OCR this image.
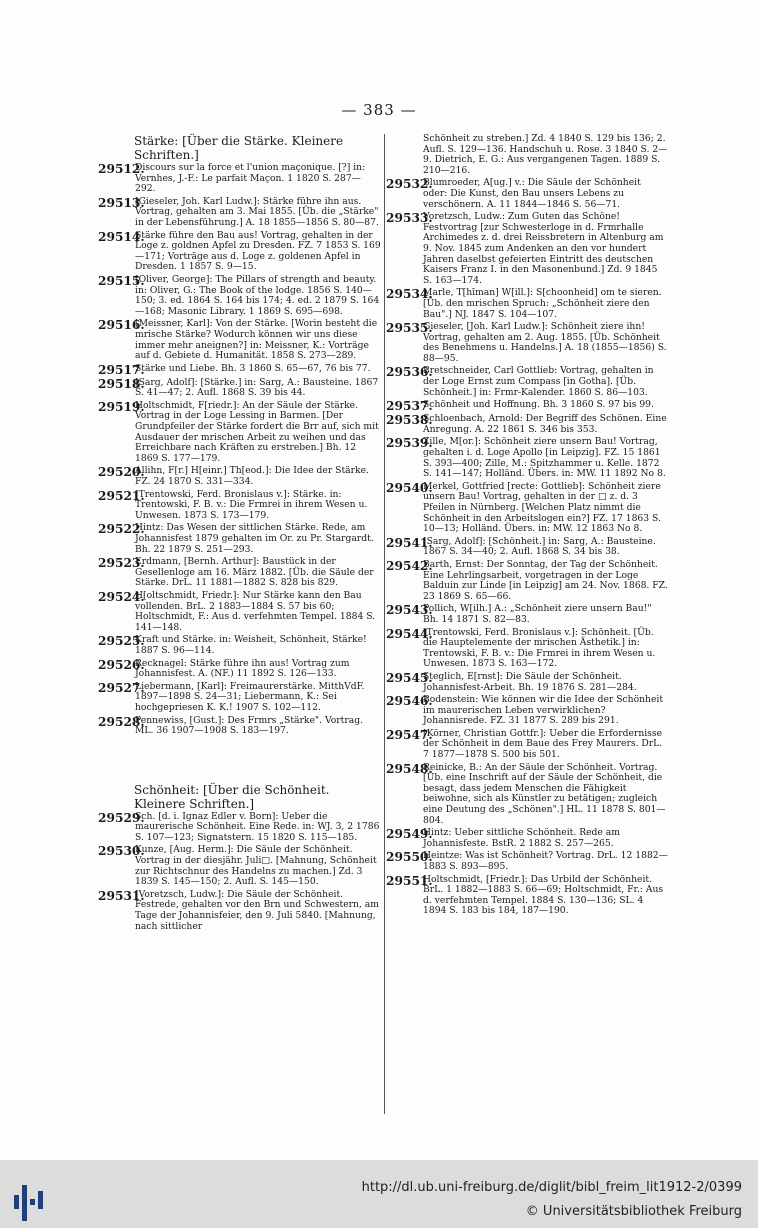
— 383 —
Stärke: [Über die Stärke. Kleinere Schriften.]
29512.
Discours sur la force et l'union maçonique. [?] in: Vernhes, J.-F.: Le parfait Maçon. 1 1820 S. 287—292.
29513.
[Gieseler, Joh. Karl Ludw.]: Stärke führe ihn aus. Vortrag, gehalten am 3. Mai 1855. [Üb. die „Stärke" in der Lebensführung.] A. 18 1855—1856 S. 80—87.
29514.
Stärke führe den Bau aus! Vortrag, gehalten in der Loge z. goldnen Apfel zu Dresden. FZ. 7 1853 S. 169—171; Vorträge aus d. Loge z. goldenen Apfel in Dresden. 1 1857 S. 9—15.
29515.
[Oliver, George]: The Pillars of strength and beauty. in: Oliver, G.: The Book of the lodge. 1856 S. 140—150; 3. ed. 1864 S. 164 bis 174; 4. ed. 2 1879 S. 164—168; Masonic Library. 1 1869 S. 695—698.
29516.
[Meissner, Karl]: Von der Stärke. [Worin besteht die mrische Stärke? Wodurch können wir uns diese immer mehr aneignen?] in: Meissner, K.: Vorträge auf d. Gebiete d. Humanität. 1858 S. 273—289.
29517.
Stärke und Liebe. Bh. 3 1860 S. 65—67, 76 bis 77.
29518.
[Sarg, Adolf]: [Stärke.] in: Sarg, A.: Bausteine. 1867 S. 41—47; 2. Aufl. 1868 S. 39 bis 44.
29519.
Holtschmidt, F[riedr.]: An der Säule der Stärke. Vortrag in der Loge Lessing in Barmen. [Der Grundpfeiler der Stärke fordert die Brr auf, sich mit Ausdauer der mrischen Arbeit zu weihen und das Erreichbare nach Kräften zu erstreben.] Bh. 12 1869 S. 177—179.
29520.
Allihn, F[r.] H[einr.] Th[eod.]: Die Idee der Stärke. FZ. 24 1870 S. 331—334.
29521.
[Trentowski, Ferd. Bronislaus v.]: Stärke. in: Trentowski, F. B. v.: Die Frmrei in ihrem Wesen u. Unwesen. 1873 S. 173—179.
29522.
Hintz: Das Wesen der sittlichen Stärke. Rede, am Johannisfest 1879 gehalten im Or. zu Pr. Stargardt. Bh. 22 1879 S. 251—293.
29523.
Erdmann, [Bernh. Arthur]: Baustück in der Gesellenloge am 16. März 1882. [Üb. die Säule der Stärke. DrL. 11 1881—1882 S. 828 bis 829.
29524.
H[oltschmidt, Friedr.]: Nur Stärke kann den Bau vollenden. BrL. 2 1883—1884 S. 57 bis 60; Holtschmidt, F.: Aus d. verfehmten Tempel. 1884 S. 141—148.
29525.
Kraft und Stärke. in: Weisheit, Schönheit, Stärke! 1887 S. 96—114.
29526.
Recknagel: Stärke führe ihn aus! Vortrag zum Johannisfest. A. (NF.) 11 1892 S. 126—133.
29527.
Liebermann, [Karl]: Freimaurerstärke. MitthVdF. 1897—1898 S. 24—31; Liebermann, K.: Sei hochgepriesen K. K.! 1907 S. 102—112.
29528.
Pennewiss, [Gust.]: Des Frmrs „Stärke". Vortrag. ML. 36 1907—1908 S. 183—197.
Schönheit: [Über die Schönheit. Kleinere Schriften.]
29529.
Sch. [d. i. Ignaz Edler v. Born]: Ueber die maurerische Schönheit. Eine Rede. in: WJ. 3, 2 1786 S. 107—123; Signatstern. 15 1820 S. 115—185.
29530.
Kunze, [Aug. Herm.]: Die Säule der Schönheit. Vortrag in der diesjähr. Juli□. [Mahnung, Schönheit zur Richtschnur des Handelns zu machen.] Zd. 3 1839 S. 145—150; 2. Aufl. S. 145—150.
29531.
[Voretzsch, Ludw.]: Die Säule der Schönheit. Festrede, gehalten vor den Brn und Schwestern, am Tage der Johannisfeier, den 9. Juli 5840. [Mahnung, nach sittlicher
Schönheit zu streben.] Zd. 4 1840 S. 129 bis 136; 2. Aufl. S. 129—136. Handschuh u. Rose. 3 1840 S. 2—9. Dietrich, E. G.: Aus vergangenen Tagen. 1889 S. 210—216.
29532.
Blumroeder, A[ug.] v.: Die Säule der Schönheit oder: Die Kunst, den Bau unsers Lebens zu verschönern. A. 11 1844—1846 S. 56—71.
29533.
Voretzsch, Ludw.: Zum Guten das Schöne! Festvortrag [zur Schwesterloge in d. Frmrhalle Archimedes z. d. drei Reissbretern in Altenburg am 9. Nov. 1845 zum Andenken an den vor hundert Jahren daselbst gefeierten Eintritt des deutschen Kaisers Franz I. in den Masonenbund.] Zd. 9 1845 S. 163—174.
29534.
Marle, T[hīman] W[ill.]: S[choonheid] om te sieren. [Üb. den mrischen Spruch: „Schönheit ziere den Bau".] NJ. 1847 S. 104—107.
29535.
Gieseler, [Joh. Karl Ludw.]: Schönheit ziere ihn! Vortrag, gehalten am 2. Aug. 1855. [Üb. Schönheit des Benehmens u. Handelns.] A. 18 (1855—1856) S. 88—95.
29536.
Bretschneider, Carl Gottlieb: Vortrag, gehalten in der Loge Ernst zum Compass [in Gotha]. [Üb. Schönheit.] in: Frmr-Kalender. 1860 S. 86—103.
29537.
Schönheit und Hoffnung. Bh. 3 1860 S. 97 bis 99.
29538.
Schloenbach, Arnold: Der Begriff des Schönen. Eine Anregung. A. 22 1861 S. 346 bis 353.
29539.
Zille, M[or.]: Schönheit ziere unsern Bau! Vortrag, gehalten i. d. Loge Apollo [in Leipzig]. FZ. 15 1861 S. 393—400; Zille, M.: Spitzhammer u. Kelle. 1872 S. 141—147; Holländ. Übers. in: MW. 11 1892 No 8.
29540.
Merkel, Gottfried [recte: Gottlieb]: Schönheit ziere unsern Bau! Vortrag, gehalten in der □ z. d. 3 Pfeilen in Nürnberg. [Welchen Platz nimmt die Schönheit in den Arbeitslogen ein?] FZ. 17 1863 S. 10—13; Holländ. Übers. in: MW. 12 1863 No 8.
29541.
[Sarg, Adolf]: [Schönheit.] in: Sarg, A.: Bausteine. 1867 S. 34—40; 2. Aufl. 1868 S. 34 bis 38.
29542.
Barth, Ernst: Der Sonntag, der Tag der Schönheit. Eine Lehrlingsarbeit, vorgetragen in der Loge Balduin zur Linde [in Leipzig] am 24. Nov. 1868. FZ. 23 1869 S. 65—66.
29543.
Pollich, W[ilh.] A.: „Schönheit ziere unsern Bau!" Bh. 14 1871 S. 82—83.
29544.
[Trentowski, Ferd. Bronislaus v.]: Schönheit. [Üb. die Hauptelemente der mrischen Ästhetik.] in: Trentowski, F. B. v.: Die Frmrei in ihrem Wesen u. Unwesen. 1873 S. 163—172.
29545.
Steglich, E[rnst]: Die Säule der Schönheit. Johannisfest-Arbeit. Bh. 19 1876 S. 281—284.
29546.
Bodenstein: Wie können wir die Idee der Schönheit im maurerischen Leben verwirklichen? Johannisrede. FZ. 31 1877 S. 289 bis 291.
29547.
[Körner, Christian Gottfr.]: Ueber die Erfordernisse der Schönheit in dem Baue des Frey Maurers. DrL. 7 1877—1878 S. 500 bis 501.
29548.
Reinicke, B.: An der Säule der Schönheit. Vortrag. [Üb. eine Inschrift auf der Säule der Schönheit, die besagt, dass jedem Menschen die Fähigkeit beiwohne, sich als Künstler zu betätigen; zugleich eine Deutung des „Schönen".] HL. 11 1878 S. 801—804.
29549.
Hintz: Ueber sittliche Schönheit. Rede am Johannisfeste. BstR. 2 1882 S. 257—265.
29550.
Heintze: Was ist Schönheit? Vortrag. DrL. 12 1882—1883 S. 893—895.
29551.
Holtschmidt, [Friedr.]: Das Urbild der Schönheit. BrL. 1 1882—1883 S. 66—69; Holtschmidt, Fr.: Aus d. verfehmten Tempel. 1884 S. 130—136; SL. 4 1894 S. 183 bis 184, 187—190.
http://dl.ub.uni-freiburg.de/diglit/bibl_freim_lit1912-2/0399
© Universitätsbibliothek Freiburg
